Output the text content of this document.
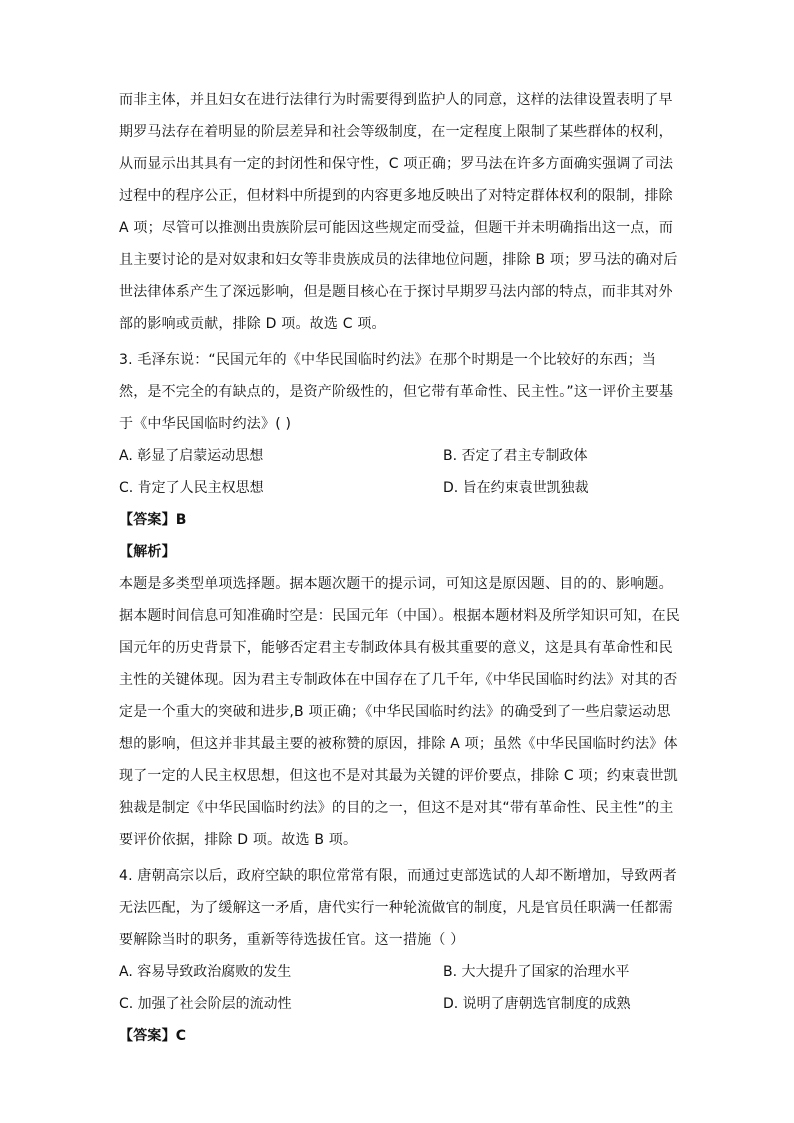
而非主体，并且妇女在进行法律行为时需要得到监护人的同意，这样的法律设置表明了早
期罗马法存在着明显的阶层差异和社会等级制度，在一定程度上限制了某些群体的权利，
从而显示出其具有一定的封闭性和保守性，C 项正确；罗马法在许多方面确实强调了司法
过程中的程序公正，但材料中所提到的内容更多地反映出了对特定群体权利的限制，排除
A 项；尽管可以推测出贵族阶层可能因这些规定而受益，但题干并未明确指出这一点，而
且主要讨论的是对奴隶和妇女等非贵族成员的法律地位问题，排除 B 项；罗马法的确对后
世法律体系产生了深远影响，但是题目核心在于探讨早期罗马法内部的特点，而非其对外
部的影响或贡献，排除 D 项。故选 C 项。
3. 毛泽东说：“民国元年的《中华民国临时约法》在那个时期是一个比较好的东西；当
然，是不完全的有缺点的，是资产阶级性的，但它带有革命性、民主性。”这一评价主要基
于《中华民国临时约法》( )
A. 彰显了启蒙运动思想	B. 否定了君主专制政体
C. 肯定了人民主权思想	D. 旨在约束袁世凯独裁
【答案】B
【解析】
本题是多类型单项选择题。据本题次题干的提示词，可知这是原因题、目的的、影响题。
据本题时间信息可知准确时空是：民国元年（中国）。根据本题材料及所学知识可知，在民
国元年的历史背景下，能够否定君主专制政体具有极其重要的意义，这是具有革命性和民
主性的关键体现。因为君主专制政体在中国存在了几千年,《中华民国临时约法》对其的否
定是一个重大的突破和进步,B 项正确；《中华民国临时约法》的确受到了一些启蒙运动思
想的影响，但这并非其最主要的被称赞的原因，排除 A 项；虽然《中华民国临时约法》体
现了一定的人民主权思想，但这也不是对其最为关键的评价要点，排除 C 项；约束袁世凯
独裁是制定《中华民国临时约法》的目的之一，但这不是对其“带有革命性、民主性”的主
要评价依据，排除 D 项。故选 B 项。
4. 唐朝高宗以后，政府空缺的职位常常有限，而通过吏部选试的人却不断增加，导致两者
无法匹配，为了缓解这一矛盾，唐代实行一种轮流做官的制度，凡是官员任职满一任都需
要解除当时的职务，重新等待选拔任官。这一措施（ ）
A. 容易导致政治腐败的发生	B. 大大提升了国家的治理水平
C. 加强了社会阶层的流动性	D. 说明了唐朝选官制度的成熟
【答案】C
